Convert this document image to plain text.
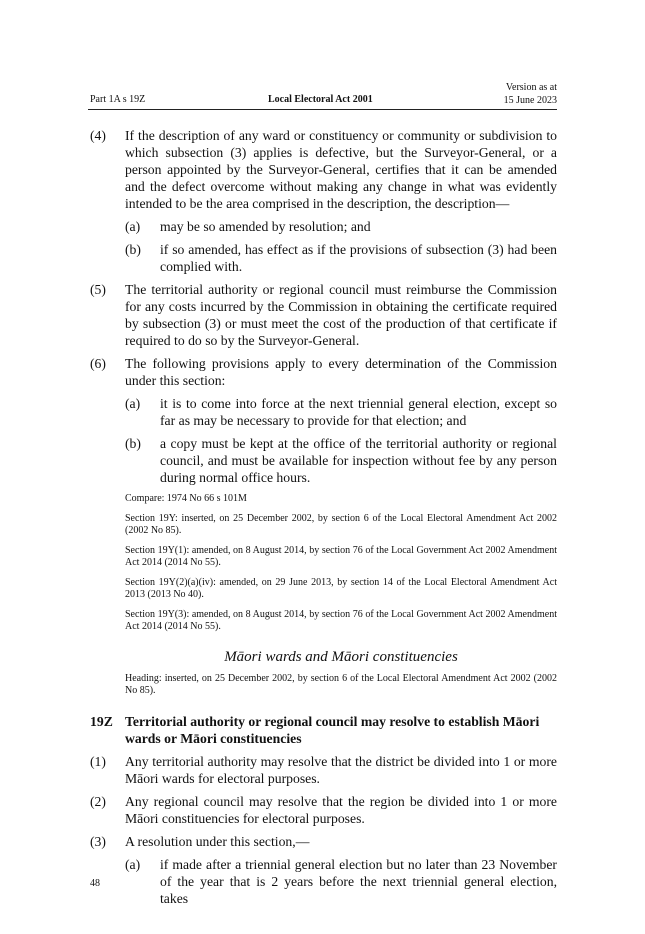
Part 1A s 19Z	Local Electoral Act 2001
Version as at
15 June 2023
(4) If the description of any ward or constituency or community or subdivision to which subsection (3) applies is defective, but the Surveyor-General, or a person appointed by the Surveyor-General, certifies that it can be amended and the defect overcome without making any change in what was evidently intended to be the area comprised in the description, the description—
(a) may be so amended by resolution; and
(b) if so amended, has effect as if the provisions of subsection (3) had been complied with.
(5) The territorial authority or regional council must reimburse the Commission for any costs incurred by the Commission in obtaining the certificate required by subsection (3) or must meet the cost of the production of that certificate if required to do so by the Surveyor-General.
(6) The following provisions apply to every determination of the Commission under this section:
(a) it is to come into force at the next triennial general election, except so far as may be necessary to provide for that election; and
(b) a copy must be kept at the office of the territorial authority or regional council, and must be available for inspection without fee by any person during normal office hours.
Compare: 1974 No 66 s 101M
Section 19Y: inserted, on 25 December 2002, by section 6 of the Local Electoral Amendment Act 2002 (2002 No 85).
Section 19Y(1): amended, on 8 August 2014, by section 76 of the Local Government Act 2002 Amendment Act 2014 (2014 No 55).
Section 19Y(2)(a)(iv): amended, on 29 June 2013, by section 14 of the Local Electoral Amendment Act 2013 (2013 No 40).
Section 19Y(3): amended, on 8 August 2014, by section 76 of the Local Government Act 2002 Amendment Act 2014 (2014 No 55).
Māori wards and Māori constituencies
Heading: inserted, on 25 December 2002, by section 6 of the Local Electoral Amendment Act 2002 (2002 No 85).
19Z Territorial authority or regional council may resolve to establish Māori wards or Māori constituencies
(1) Any territorial authority may resolve that the district be divided into 1 or more Māori wards for electoral purposes.
(2) Any regional council may resolve that the region be divided into 1 or more Māori constituencies for electoral purposes.
(3) A resolution under this section,—
(a) if made after a triennial general election but no later than 23 November of the year that is 2 years before the next triennial general election, takes
48
